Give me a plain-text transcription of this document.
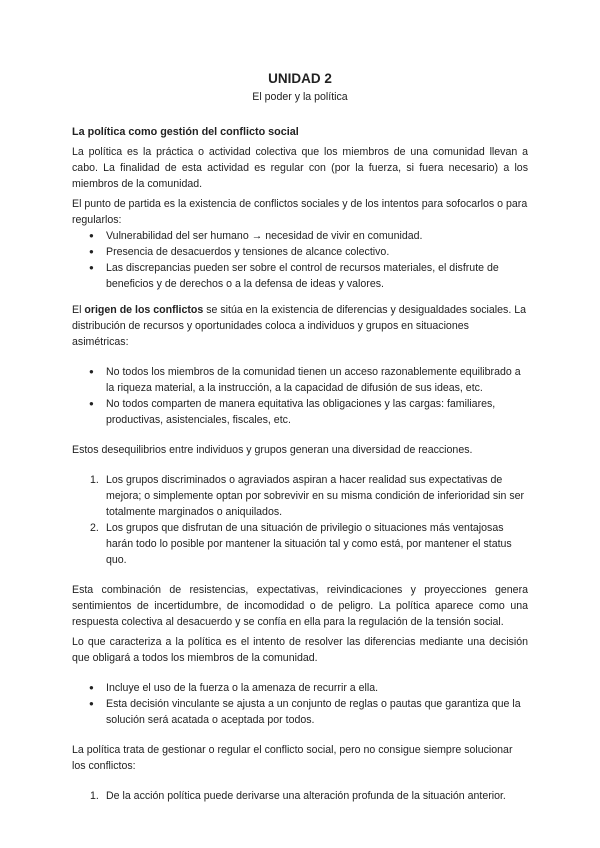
UNIDAD 2
El poder y la política
La política como gestión del conflicto social

La política es la práctica o actividad colectiva que los miembros de una comunidad llevan a cabo. La finalidad de esta actividad es regular con (por la fuerza, si fuera necesario) a los miembros de la comunidad.

El punto de partida es la existencia de conflictos sociales y de los intentos para sofocarlos o para regularlos:

● Vulnerabilidad del ser humano → necesidad de vivir en comunidad.
● Presencia de desacuerdos y tensiones de alcance colectivo.
● Las discrepancias pueden ser sobre el control de recursos materiales, el disfrute de beneficios y de derechos o a la defensa de ideas y valores.

El origen de los conflictos se sitúa en la existencia de diferencias y desigualdades sociales. La distribución de recursos y oportunidades coloca a individuos y grupos en situaciones asimétricas:

● No todos los miembros de la comunidad tienen un acceso razonablemente equilibrado a la riqueza material, a la instrucción, a la capacidad de difusión de sus ideas, etc.
● No todos comparten de manera equitativa las obligaciones y las cargas: familiares, productivas, asistenciales, fiscales, etc.

Estos desequilibrios entre individuos y grupos generan una diversidad de reacciones.

1. Los grupos discriminados o agraviados aspiran a hacer realidad sus expectativas de mejora; o simplemente optan por sobrevivir en su misma condición de inferioridad sin ser totalmente marginados o aniquilados.
2. Los grupos que disfrutan de una situación de privilegio o situaciones más ventajosas harán todo lo posible por mantener la situación tal y como está, por mantener el status quo.

Esta combinación de resistencias, expectativas, reivindicaciones y proyecciones genera sentimientos de incertidumbre, de incomodidad o de peligro. La política aparece como una respuesta colectiva al desacuerdo y se confía en ella para la regulación de la tensión social.

Lo que caracteriza a la política es el intento de resolver las diferencias mediante una decisión que obligará a todos los miembros de la comunidad.

● Incluye el uso de la fuerza o la amenaza de recurrir a ella.
● Esta decisión vinculante se ajusta a un conjunto de reglas o pautas que garantiza que la solución será acatada o aceptada por todos.

La política trata de gestionar o regular el conflicto social, pero no consigue siempre solucionar los conflictos:

1. De la acción política puede derivarse una alteración profunda de la situación anterior.
